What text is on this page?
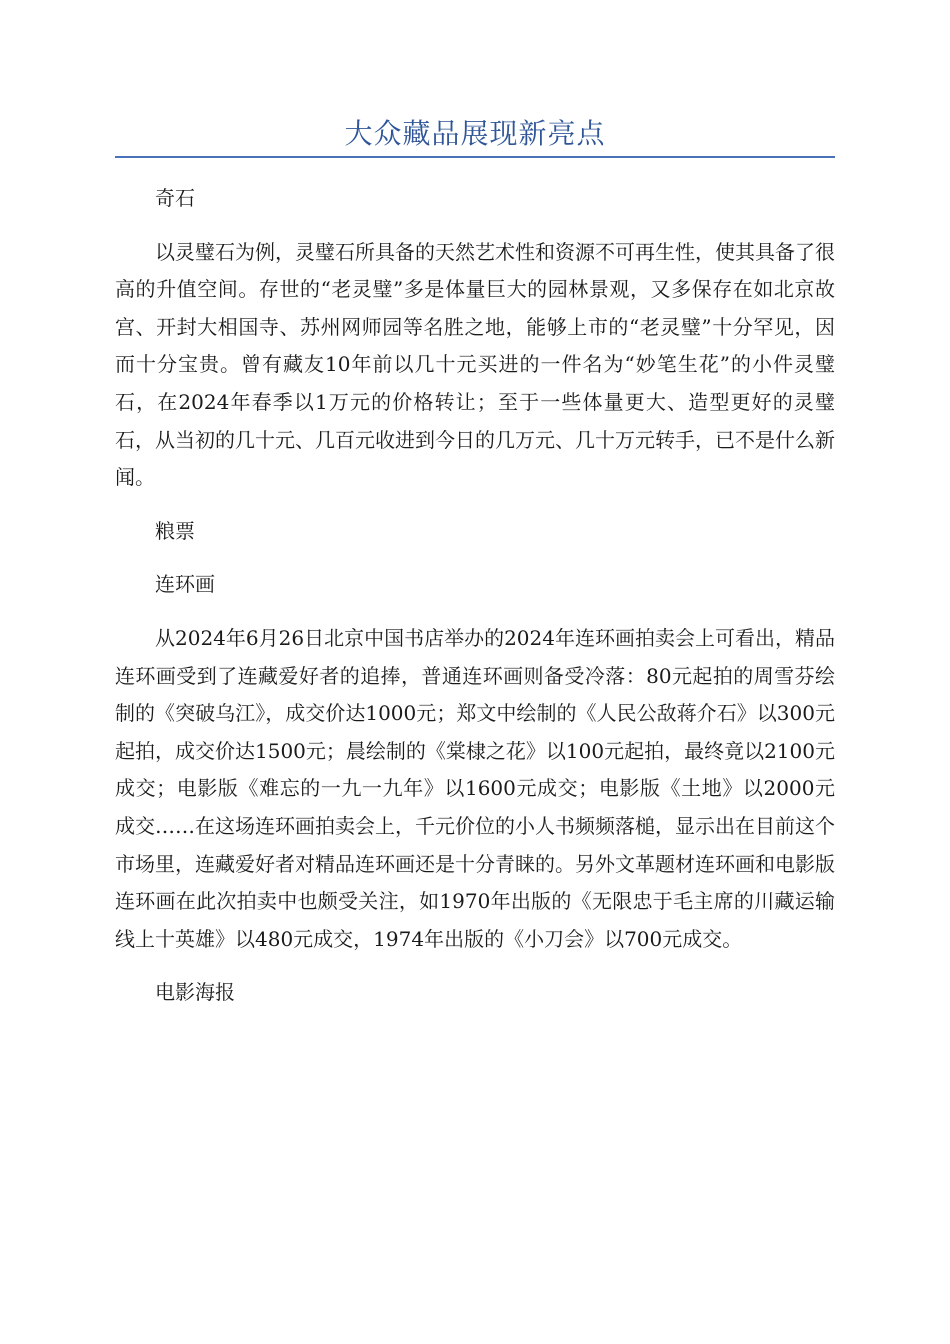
大众藏品展现新亮点

奇石

以灵璧石为例，灵璧石所具备的天然艺术性和资源不可再生性，使其具备了很高的升值空间。存世的“老灵璧”多是体量巨大的园林景观，又多保存在如北京故宫、开封大相国寺、苏州网师园等名胜之地，能够上市的“老灵璧”十分罕见，因而十分宝贵。曾有藏友10年前以几十元买进的一件名为“妙笔生花”的小件灵璧石，在2024年春季以1万元的价格转让；至于一些体量更大、造型更好的灵璧石，从当初的几十元、几百元收进到今日的几万元、几十万元转手，已不是什么新闻。

粮票

连环画

从2024年6月26日北京中国书店举办的2024年连环画拍卖会上可看出，精品连环画受到了连藏爱好者的追捧，普通连环画则备受冷落：80元起拍的周雪芬绘制的《突破乌江》，成交价达1000元；郑文中绘制的《人民公敌蒋介石》以300元起拍，成交价达1500元；晨绘制的《棠棣之花》以100元起拍，最终竟以2100元成交；电影版《难忘的一九一九年》以1600元成交；电影版《土地》以2000元成交……在这场连环画拍卖会上，千元价位的小人书频频落槌，显示出在目前这个市场里，连藏爱好者对精品连环画还是十分青睐的。另外文革题材连环画和电影版连环画在此次拍卖中也颇受关注，如1970年出版的《无限忠于毛主席的川藏运输线上十英雄》以480元成交，1974年出版的《小刀会》以700元成交。

电影海报
